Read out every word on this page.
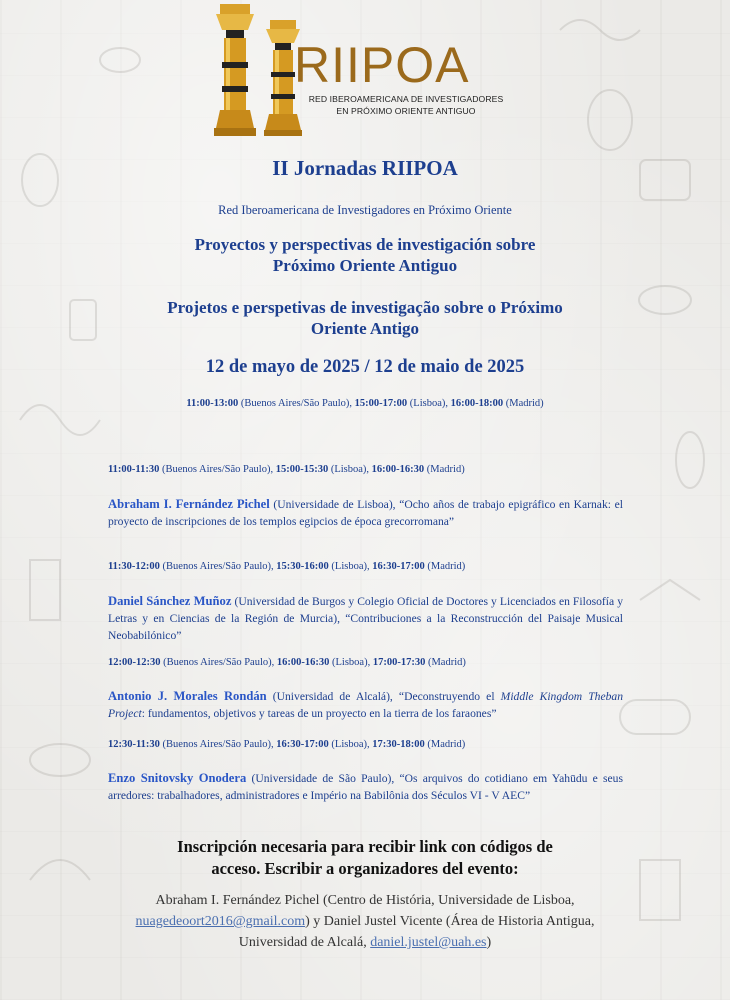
RIIPOA
RED IBEROAMERICANA DE INVESTIGADORES
EN PRÓXIMO ORIENTE ANTIGUO
II Jornadas RIIPOA
Red Iberoamericana de Investigadores en Próximo Oriente
Proyectos y perspectivas de investigación sobre
Próximo Oriente Antiguo
Projetos e perspetivas de investigação sobre o Próximo
Oriente Antigo
12 de mayo de 2025 / 12 de maio de 2025
11:00-13:00 (Buenos Aires/São Paulo), 15:00-17:00 (Lisboa), 16:00-18:00 (Madrid)
11:00-11:30 (Buenos Aires/São Paulo), 15:00-15:30 (Lisboa), 16:00-16:30 (Madrid)
Abraham I. Fernández Pichel (Universidade de Lisboa), “Ocho años de trabajo epigráfico en Karnak: el proyecto de inscripciones de los templos egipcios de época grecorromana”
11:30-12:00 (Buenos Aires/São Paulo), 15:30-16:00 (Lisboa), 16:30-17:00 (Madrid)
Daniel Sánchez Muñoz (Universidad de Burgos y Colegio Oficial de Doctores y Licenciados en Filosofía y Letras y en Ciencias de la Región de Murcia), “Contribuciones a la Reconstrucción del Paisaje Musical Neobabilónico”
12:00-12:30 (Buenos Aires/São Paulo), 16:00-16:30 (Lisboa), 17:00-17:30 (Madrid)
Antonio J. Morales Rondán (Universidad de Alcalá), “Deconstruyendo el Middle Kingdom Theban Project: fundamentos, objetivos y tareas de un proyecto en la tierra de los faraones”
12:30-11:30 (Buenos Aires/São Paulo), 16:30-17:00 (Lisboa), 17:30-18:00 (Madrid)
Enzo Snitovsky Onodera (Universidade de São Paulo), “Os arquivos do cotidiano em Yahūdu e seus arredores: trabalhadores, administradores e Império na Babilônia dos Séculos VI - V AEC”
Inscripción necesaria para recibir link con códigos de
acceso. Escribir a organizadores del evento:
Abraham I. Fernández Pichel (Centro de História, Universidade de Lisboa,
nuagedeoort2016@gmail.com) y Daniel Justel Vicente (Área de Historia Antigua,
Universidad de Alcalá, daniel.justel@uah.es)
